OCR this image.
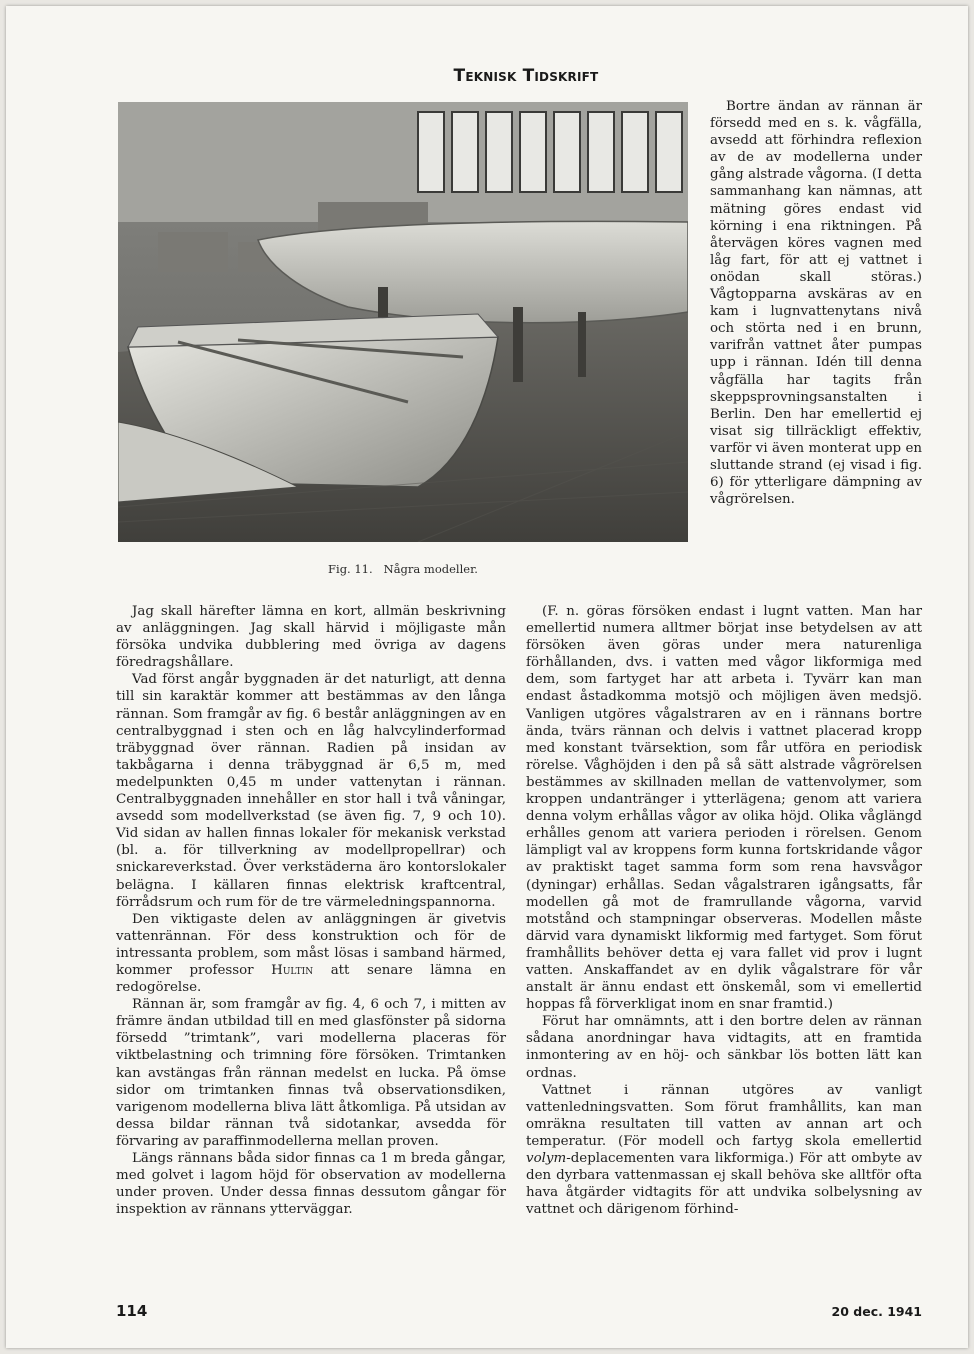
Teknisk Tidskrift
Fig. 11. Några modeller.

Bortre ändan av rännan är försedd med en s. k. vågfälla, avsedd att förhindra reflexion av de av modellerna under gång alstrade vågorna. (I detta sammanhang kan nämnas, att mätning göres endast vid körning i ena riktningen. På återvägen köres vagnen med låg fart, för att ej vattnet i onödan skall störas.) Vågtopparna avskäras av en kam i lugnvattenytans nivå och störta ned i en brunn, varifrån vattnet åter pumpas upp i rännan. Idén till denna vågfälla har tagits från skeppsprovningsanstalten i Berlin. Den har emellertid ej visat sig tillräckligt effektiv, varför vi även monterat upp en sluttande strand (ej visad i fig. 6) för ytterligare dämpning av vågrörelsen.

Jag skall härefter lämna en kort, allmän beskrivning av anläggningen. Jag skall härvid i möjligaste mån försöka undvika dubblering med övriga av dagens föredragshållare.

Vad först angår byggnaden är det naturligt, att denna till sin karaktär kommer att bestämmas av den långa rännan. Som framgår av fig. 6 består anläggningen av en centralbyggnad i sten och en låg halvcylinderformad träbyggnad över rännan. Radien på insidan av takbågarna i denna träbyggnad är 6,5 m, med medelpunkten 0,45 m under vattenytan i rännan. Centralbyggnaden innehåller en stor hall i två våningar, avsedd som modellverkstad (se även fig. 7, 9 och 10). Vid sidan av hallen finnas lokaler för mekanisk verkstad (bl. a. för tillverkning av modellpropellrar) och snickareverkstad. Över verkstäderna äro kontorslokaler belägna. I källaren finnas elektrisk kraftcentral, förrådsrum och rum för de tre värmeledningspannorna.

Den viktigaste delen av anläggningen är givetvis vattenrännan. För dess konstruktion och för de intressanta problem, som måst lösas i samband härmed, kommer professor Hultin att senare lämna en redogörelse.

Rännan är, som framgår av fig. 4, 6 och 7, i mitten av främre ändan utbildad till en med glasfönster på sidorna försedd ”trimtank”, vari modellerna placeras för viktbelastning och trimning före försöken. Trimtanken kan avstängas från rännan medelst en lucka. På ömse sidor om trimtanken finnas två observationsdiken, varigenom modellerna bliva lätt åtkomliga. På utsidan av dessa bildar rännan två sidotankar, avsedda för förvaring av paraffinmodellerna mellan proven.

Längs rännans båda sidor finnas ca 1 m breda gångar, med golvet i lagom höjd för observation av modellerna under proven. Under dessa finnas dessutom gångar för inspektion av rännans ytterväggar.

(F. n. göras försöken endast i lugnt vatten. Man har emellertid numera alltmer börjat inse betydelsen av att försöken även göras under mera naturenliga förhållanden, dvs. i vatten med vågor likformiga med dem, som fartyget har att arbeta i. Tyvärr kan man endast åstadkomma motsjö och möjligen även medsjö. Vanligen utgöres vågalstraren av en i rännans bortre ända, tvärs rännan och delvis i vattnet placerad kropp med konstant tvärsektion, som får utföra en periodisk rörelse. Våghöjden i den på så sätt alstrade vågrörelsen bestämmes av skillnaden mellan de vattenvolymer, som kroppen undantränger i ytterlägena; genom att variera denna volym erhållas vågor av olika höjd. Olika våglängd erhålles genom att variera perioden i rörelsen. Genom lämpligt val av kroppens form kunna fortskridande vågor av praktiskt taget samma form som rena havsvågor (dyningar) erhållas. Sedan vågalstraren igångsatts, får modellen gå mot de framrullande vågorna, varvid motstånd och stampningar observeras. Modellen måste därvid vara dynamiskt likformig med fartyget. Som förut framhållits behöver detta ej vara fallet vid prov i lugnt vatten. Anskaffandet av en dylik vågalstrare för vår anstalt är ännu endast ett önskemål, som vi emellertid hoppas få förverkligat inom en snar framtid.)

Förut har omnämnts, att i den bortre delen av rännan sådana anordningar hava vidtagits, att en framtida inmontering av en höj- och sänkbar lös botten lätt kan ordnas.

Vattnet i rännan utgöres av vanligt vattenledningsvatten. Som förut framhållits, kan man omräkna resultaten till vatten av annan art och temperatur. (För modell och fartyg skola emellertid volym-deplacementen vara likformiga.) För att ombyte av den dyrbara vattenmassan ej skall behöva ske alltför ofta hava åtgärder vidtagits för att undvika solbelysning av vattnet och därigenom förhind-

114	20 dec. 1941
